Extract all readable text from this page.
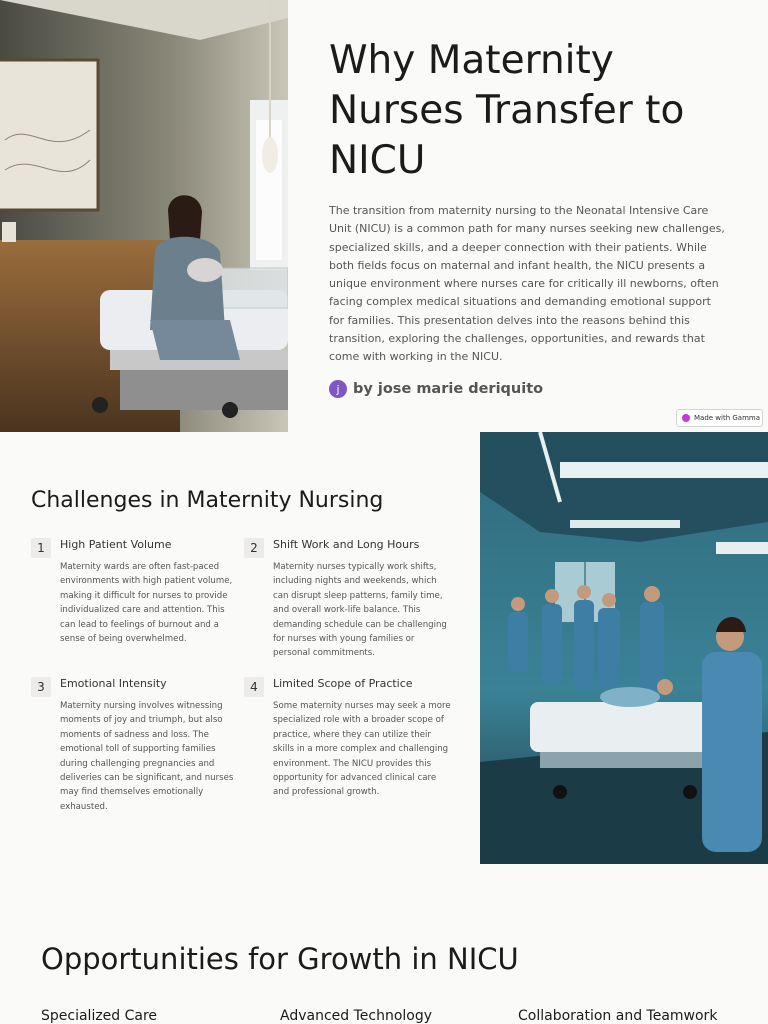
Why Maternity Nurses Transfer to NICU

The transition from maternity nursing to the Neonatal Intensive Care Unit (NICU) is a common path for many nurses seeking new challenges, specialized skills, and a deeper connection with their patients. While both fields focus on maternal and infant health, the NICU presents a unique environment where nurses care for critically ill newborns, often facing complex medical situations and demanding emotional support for families. This presentation delves into the reasons behind this transition, exploring the challenges, opportunities, and rewards that come with working in the NICU.

j by jose marie deriquito
Made with Gamma
Challenges in Maternity Nursing
1	High Patient Volume

Maternity wards are often fast-paced environments with high patient volume, making it difficult for nurses to provide individualized care and attention. This can lead to feelings of burnout and a sense of being overwhelmed.

2	Shift Work and Long Hours

Maternity nurses typically work shifts, including nights and weekends, which can disrupt sleep patterns, family time, and overall work-life balance. This demanding schedule can be challenging for nurses with young families or personal commitments.

3	Emotional Intensity

Maternity nursing involves witnessing moments of joy and triumph, but also moments of sadness and loss. The emotional toll of supporting families during challenging pregnancies and deliveries can be significant, and nurses may find themselves emotionally exhausted.

4	Limited Scope of Practice

Some maternity nurses may seek a more specialized role with a broader scope of practice, where they can utilize their skills in a more complex and challenging environment. The NICU provides this opportunity for advanced clinical care and professional growth.

Opportunities for Growth in NICU
Specialized Care	Advanced Technology	Collaboration and Teamwork
